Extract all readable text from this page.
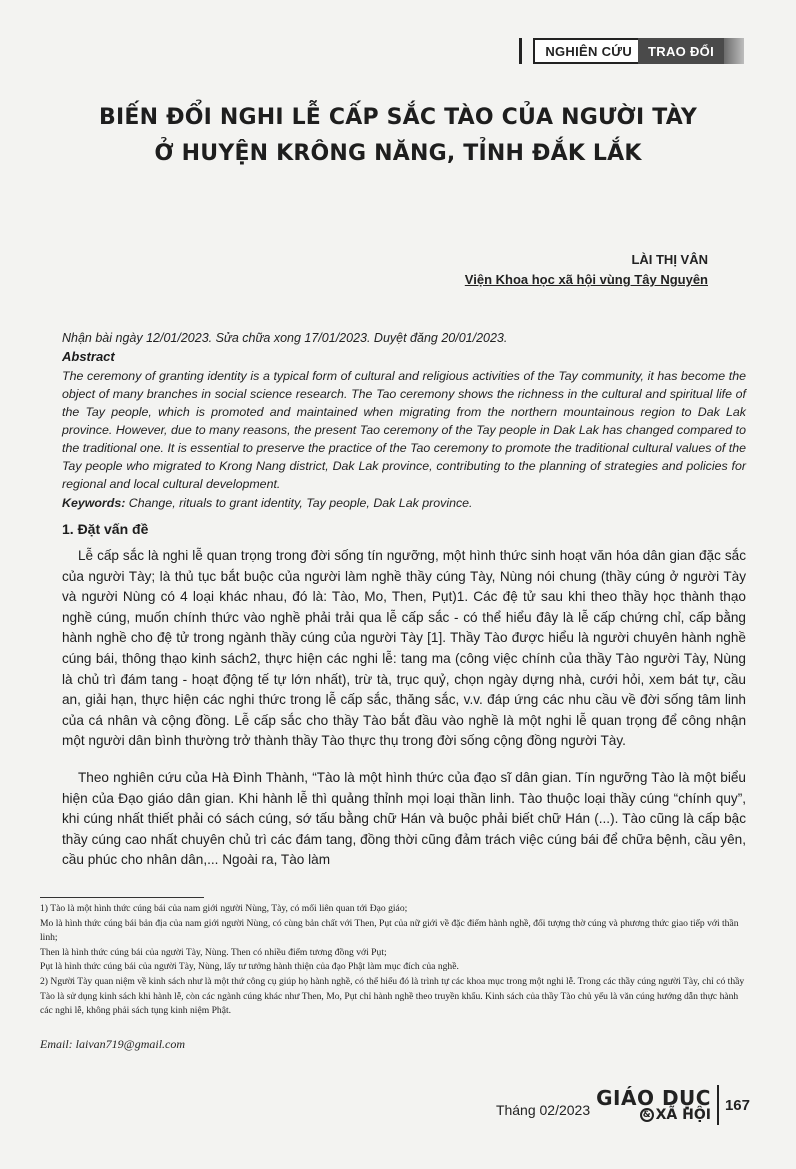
NGHIÊN CỨU	TRAO ĐỔI
BIẾN ĐỔI NGHI LỄ CẤP SẮC TÀO CỦA NGƯỜI TÀY
Ở HUYỆN KRÔNG NĂNG, TỈNH ĐẮK LẮK
LÀI THỊ VÂN
Viện Khoa học xã hội vùng Tây Nguyên
Nhận bài ngày 12/01/2023. Sửa chữa xong 17/01/2023. Duyệt đăng 20/01/2023.
Abstract
The ceremony of granting identity is a typical form of cultural and religious activities of the Tay community, it has become the object of many branches in social science research. The Tao ceremony shows the richness in the cultural and spiritual life of the Tay people, which is promoted and maintained when migrating from the northern mountainous region to Dak Lak province. However, due to many reasons, the present Tao ceremony of the Tay people in Dak Lak has changed compared to the traditional one. It is essential to preserve the practice of the Tao ceremony to promote the traditional cultural values of the Tay people who migrated to Krong Nang district, Dak Lak province, contributing to the planning of strategies and policies for regional and local cultural development.
Keywords: Change, rituals to grant identity, Tay people, Dak Lak province.
1. Đặt vấn đề

Lễ cấp sắc là nghi lễ quan trọng trong đời sống tín ngưỡng, một hình thức sinh hoạt văn hóa dân gian đặc sắc của người Tày; là thủ tục bắt buộc của người làm nghề thầy cúng Tày, Nùng nói chung (thầy cúng ở người Tày và người Nùng có 4 loại khác nhau, đó là: Tào, Mo, Then, Pụt)1. Các đệ tử sau khi theo thầy học thành thạo nghề cúng, muốn chính thức vào nghề phải trải qua lễ cấp sắc - có thể hiểu đây là lễ cấp chứng chỉ, cấp bằng hành nghề cho đệ tử trong ngành thầy cúng của người Tày [1]. Thầy Tào được hiểu là người chuyên hành nghề cúng bái, thông thạo kinh sách2, thực hiện các nghi lễ: tang ma (công việc chính của thầy Tào người Tày, Nùng là chủ trì đám tang - hoạt động tế tự lớn nhất), trừ tà, trục quỷ, chọn ngày dựng nhà, cưới hỏi, xem bát tự, cầu an, giải hạn, thực hiện các nghi thức trong lễ cấp sắc, thăng sắc, v.v. đáp ứng các nhu cầu về đời sống tâm linh của cá nhân và cộng đồng. Lễ cấp sắc cho thầy Tào bắt đầu vào nghề là một nghi lễ quan trọng để công nhận một người dân bình thường trở thành thầy Tào thực thụ trong đời sống cộng đồng người Tày.

Theo nghiên cứu của Hà Đình Thành, “Tào là một hình thức của đạo sĩ dân gian. Tín ngưỡng Tào là một biểu hiện của Đạo giáo dân gian. Khi hành lễ thì quảng thỉnh mọi loại thần linh. Tào thuộc loại thầy cúng “chính quy”, khi cúng nhất thiết phải có sách cúng, sớ tấu bằng chữ Hán và buộc phải biết chữ Hán (...). Tào cũng là cấp bậc thầy cúng cao nhất chuyên chủ trì các đám tang, đồng thời cũng đảm trách việc cúng bái để chữa bệnh, cầu yên, cầu phúc cho nhân dân,... Ngoài ra, Tào làm

1) Tào là một hình thức cúng bái của nam giới người Nùng, Tày, có mối liên quan tới Đạo giáo;

Mo là hình thức cúng bái bản địa của nam giới người Nùng, có cùng bản chất với Then, Pụt của nữ giới về đặc điểm hành nghề, đối tượng thờ cúng và phương thức giao tiếp với thần linh;

Then là hình thức cúng bái của người Tày, Nùng. Then có nhiều điểm tương đồng với Pụt;

Pụt là hình thức cúng bái của người Tày, Nùng, lấy tư tưởng hành thiện của đạo Phật làm mục đích của nghề.

2) Người Tày quan niệm về kinh sách như là một thứ công cụ giúp họ hành nghề, có thể hiểu đó là trình tự các khoa mục trong một nghi lễ. Trong các thầy cúng người Tày, chỉ có thầy Tào là sử dụng kinh sách khi hành lễ, còn các ngành cúng khác như Then, Mo, Pụt chỉ hành nghề theo truyền khẩu. Kinh sách của thầy Tào chủ yếu là văn cúng hướng dẫn thực hành các nghi lễ, không phải sách tụng kinh niệm Phật.

Email: laivan719@gmail.com
Tháng 02/2023 GIÁO DỤC
& XÃ HỘI
167
